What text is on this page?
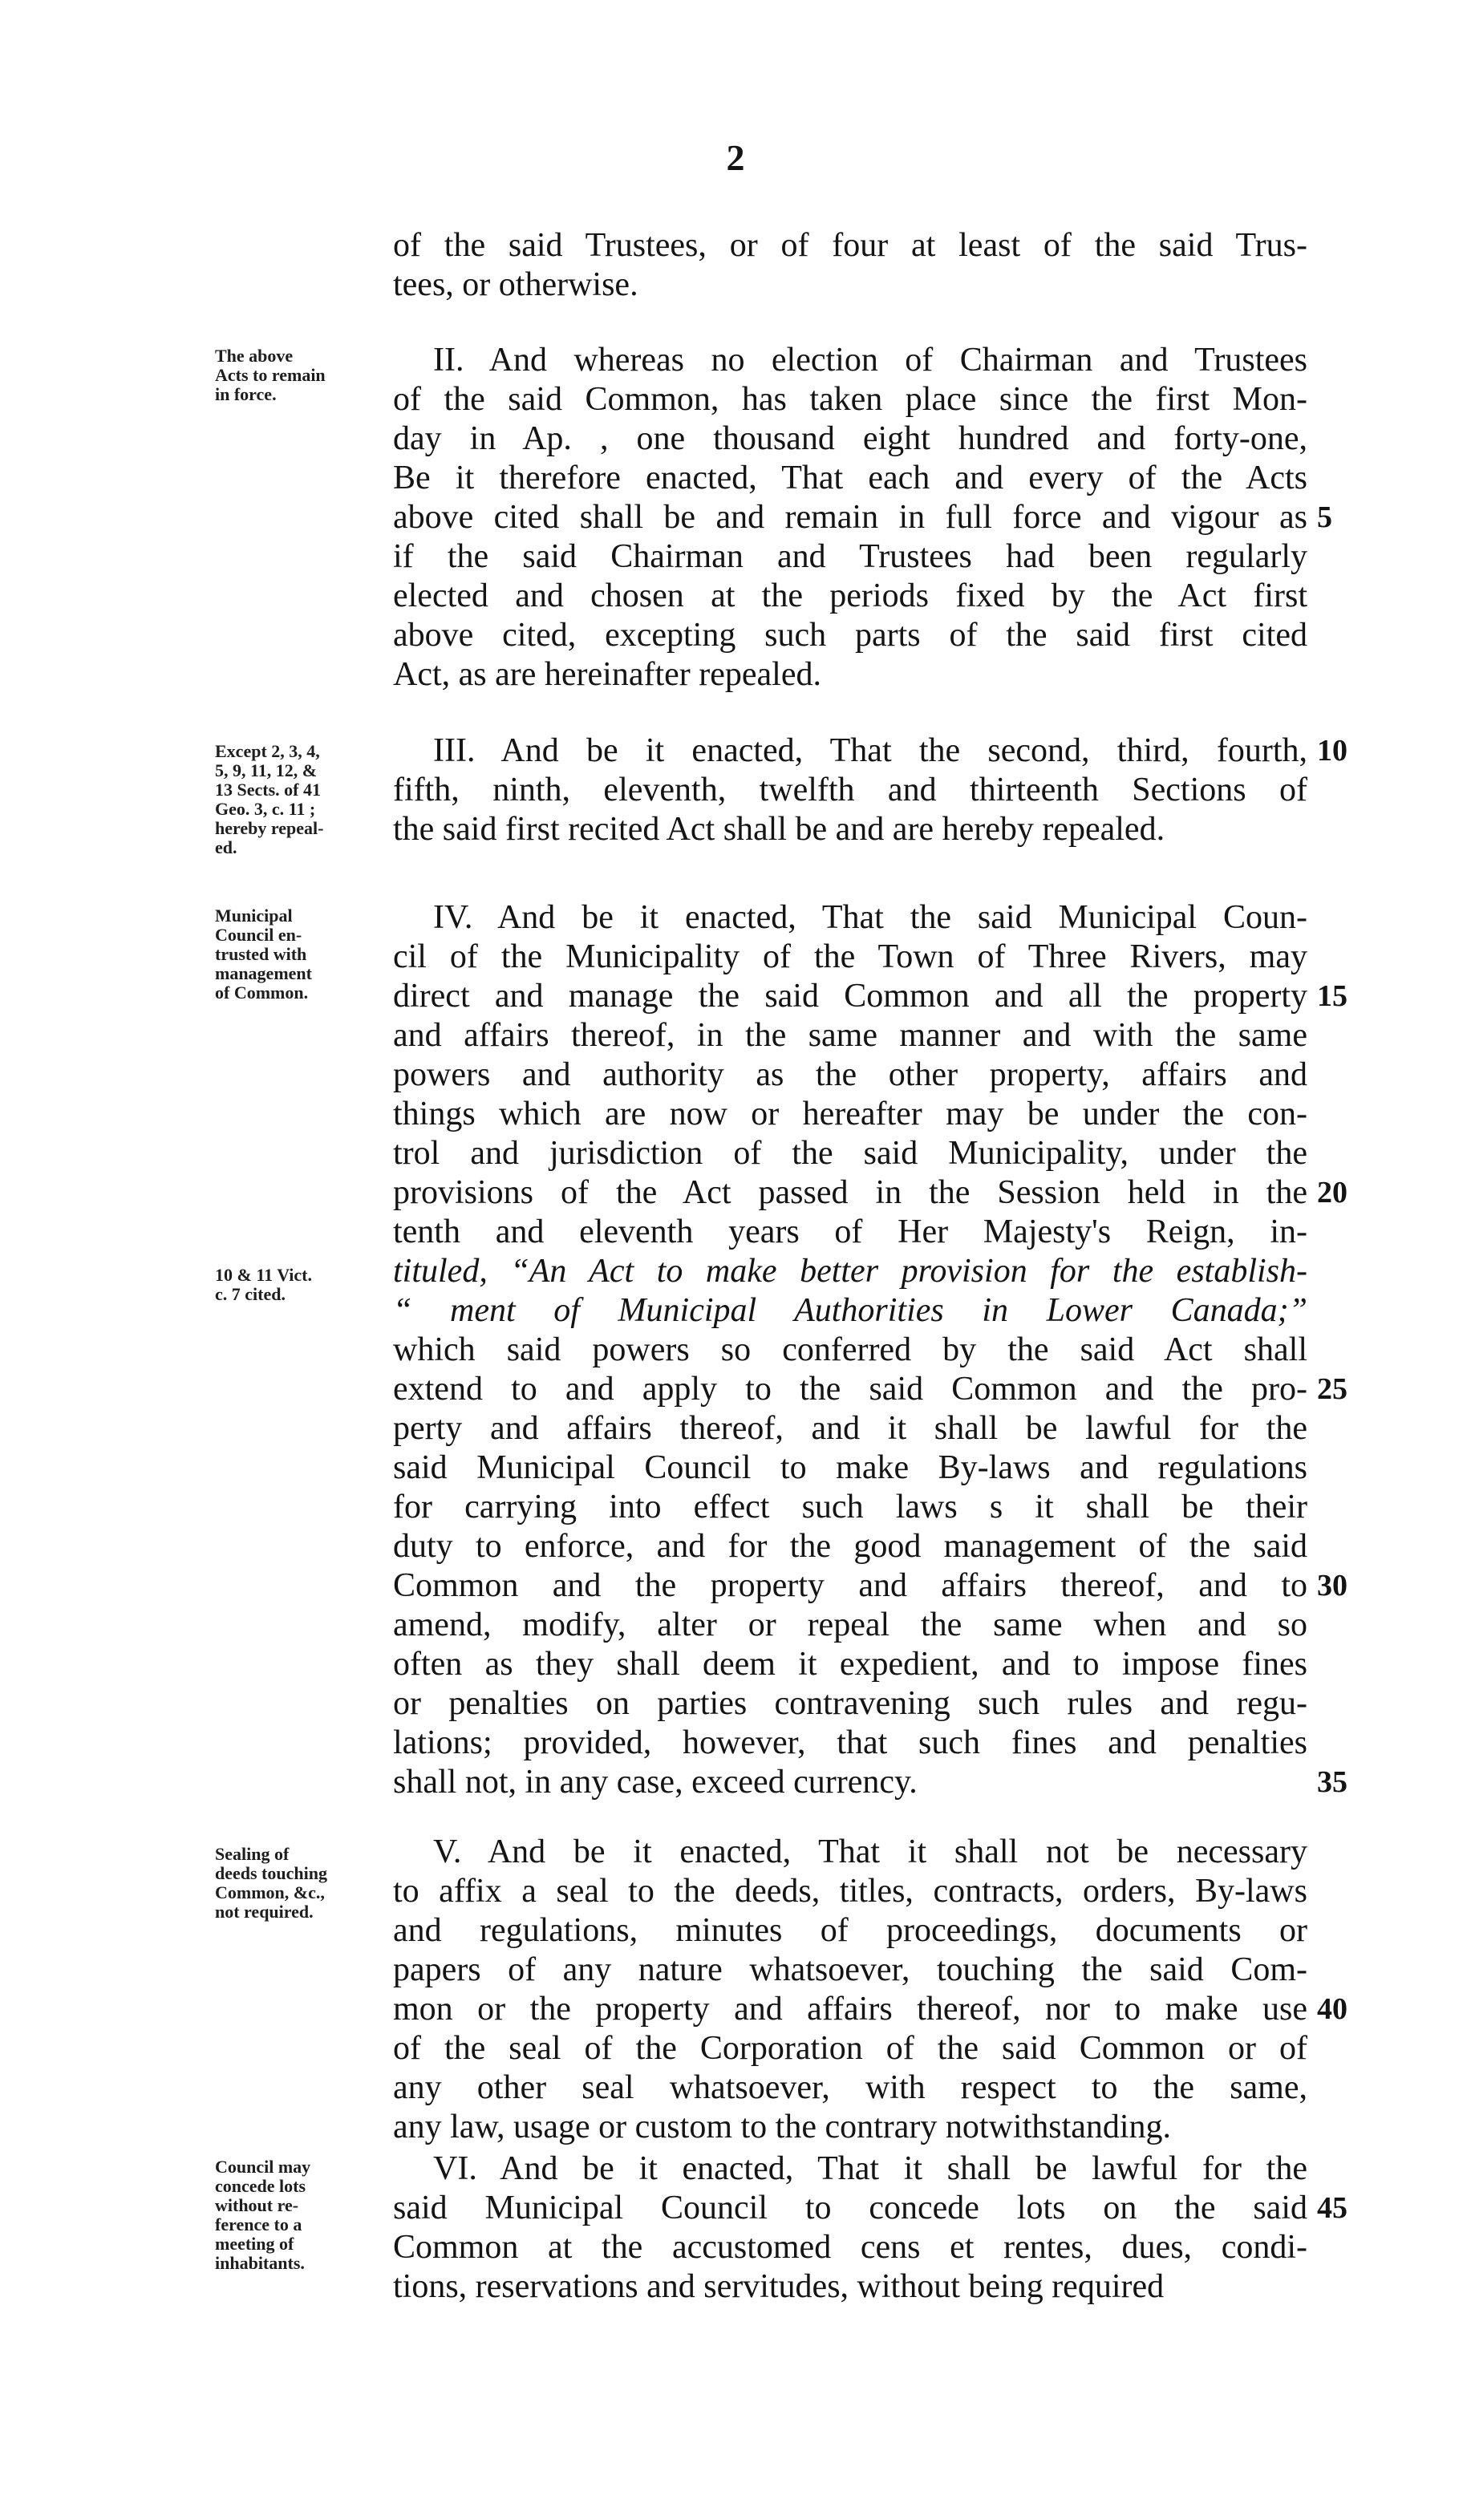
2
of the said Trustees, or of four at least of the said Trus-
tees, or otherwise.
II. And whereas no election of Chairman and Trustees
of the said Common, has taken place since the first Mon-
day in Ap. , one thousand eight hundred and forty-one,
Be it therefore enacted, That each and every of the Acts
above cited shall be and remain in full force and vigour as
if the said Chairman and Trustees had been regularly
elected and chosen at the periods fixed by the Act first
above cited, excepting such parts of the said first cited
Act, as are hereinafter repealed.
III. And be it enacted, That the second, third, fourth,
fifth, ninth, eleventh, twelfth and thirteenth Sections of
the said first recited Act shall be and are hereby repealed.
IV. And be it enacted, That the said Municipal Coun-
cil of the Municipality of the Town of Three Rivers, may
direct and manage the said Common and all the property
and affairs thereof, in the same manner and with the same
powers and authority as the other property, affairs and
things which are now or hereafter may be under the con-
trol and jurisdiction of the said Municipality, under the
provisions of the Act passed in the Session held in the
tenth and eleventh years of Her Majesty's Reign, in-
tituled, “An Act to make better provision for the establish-
“ ment of Municipal Authorities in Lower Canada;”
which said powers so conferred by the said Act shall
extend to and apply to the said Common and the pro-
perty and affairs thereof, and it shall be lawful for the
said Municipal Council to make By-laws and regulations
for carrying into effect such laws s it shall be their
duty to enforce, and for the good management of the said
Common and the property and affairs thereof, and to
amend, modify, alter or repeal the same when and so
often as they shall deem it expedient, and to impose fines
or penalties on parties contravening such rules and regu-
lations; provided, however, that such fines and penalties
shall not, in any case, exceed currency.
V. And be it enacted, That it shall not be necessary
to affix a seal to the deeds, titles, contracts, orders, By-laws
and regulations, minutes of proceedings, documents or
papers of any nature whatsoever, touching the said Com-
mon or the property and affairs thereof, nor to make use
of the seal of the Corporation of the said Common or of
any other seal whatsoever, with respect to the same,
any law, usage or custom to the contrary notwithstanding.
VI. And be it enacted, That it shall be lawful for the
said Municipal Council to concede lots on the said
Common at the accustomed cens et rentes, dues, condi-
tions, reservations and servitudes, without being required
5
10
15
20
25
30
35
40
45
The above
Acts to remain
in force.
Except 2, 3, 4,
5, 9, 11, 12, &
13 Sects. of 41
Geo. 3, c. 11 ;
hereby repeal-
ed.
Municipal
Council en-
trusted with
management
of Common.
10 & 11 Vict.
c. 7 cited.
Sealing of
deeds touching
Common, &c.,
not required.
Council may
concede lots
without re-
ference to a
meeting of
inhabitants.
